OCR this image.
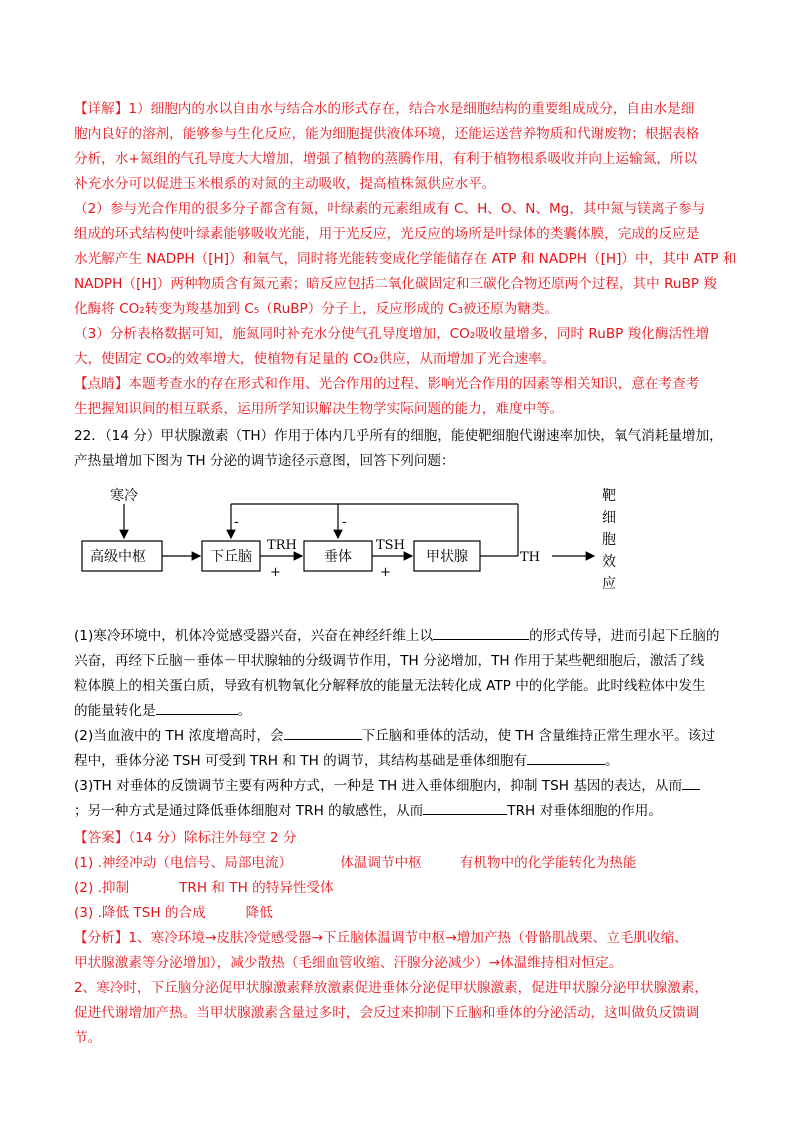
【详解】1）细胞内的水以自由水与结合水的形式存在，结合水是细胞结构的重要组成成分，自由水是细
胞内良好的溶剂，能够参与生化反应，能为细胞提供液体环境，还能运送营养物质和代谢废物；根据表格
分析，水+氮组的气孔导度大大增加，增强了植物的蒸腾作用，有利于植物根系吸收并向上运输氮，所以
补充水分可以促进玉米根系的对氮的主动吸收，提高植株氮供应水平。
（2）参与光合作用的很多分子都含有氮，叶绿素的元素组成有 C、H、O、N、Mg，其中氮与镁离子参与
组成的环式结构使叶绿素能够吸收光能，用于光反应，光反应的场所是叶绿体的类囊体膜，完成的反应是
水光解产生 NADPH（[H]）和氧气，同时将光能转变成化学能储存在 ATP 和 NADPH（[H]）中，其中 ATP 和
NADPH（[H]）两种物质含有氮元素；暗反应包括二氧化碳固定和三碳化合物还原两个过程，其中 RuBP 羧
化酶将 CO₂转变为羧基加到 C₅（RuBP）分子上，反应形成的 C₃被还原为糖类。
（3）分析表格数据可知，施氮同时补充水分使气孔导度增加，CO₂吸收量增多，同时 RuBP 羧化酶活性增
大，使固定 CO₂的效率增大，使植物有足量的 CO₂供应，从而增加了光合速率。
【点睛】本题考查水的存在形式和作用、光合作用的过程、影响光合作用的因素等相关知识，意在考查考
生把握知识间的相互联系，运用所学知识解决生物学实际问题的能力，难度中等。
22．（14 分）甲状腺激素（TH）作用于体内几乎所有的细胞，能使靶细胞代谢速率加快，氧气消耗量增加，
产热量增加下图为 TH 分泌的调节途径示意图，回答下列问题：
寒冷
高级中枢	下丘脑
TRH
+
垂体
TSH
+
甲状腺	TH
-	-
靶
细
胞
效
应
(1)寒冷环境中，机体冷觉感受器兴奋，兴奋在神经纤维上以	的形式传导，进而引起下丘脑的
兴奋，再经下丘脑－垂体－甲状腺轴的分级调节作用，TH 分泌增加，TH 作用于某些靶细胞后，激活了线
粒体膜上的相关蛋白质，导致有机物氧化分解释放的能量无法转化成 ATP 中的化学能。此时线粒体中发生
的能量转化是	。
(2)当血液中的 TH 浓度增高时，会	下丘脑和垂体的活动，使 TH 含量维持正常生理水平。该过
程中，垂体分泌 TSH 可受到 TRH 和 TH 的调节，其结构基础是垂体细胞有	。
(3)TH 对垂体的反馈调节主要有两种方式，一种是 TH 进入垂体细胞内，抑制 TSH 基因的表达，从而
；另一种方式是通过降低垂体细胞对 TRH 的敏感性，从而	TRH 对垂体细胞的作用。
【答案】（14 分）除标注外每空 2 分
(1) .神经冲动（电信号、局部电流）	体温调节中枢	有机物中的化学能转化为热能
(2) .抑制	TRH 和 TH 的特异性受体
(3) .降低 TSH 的合成	降低
【分析】1、寒冷环境→皮肤冷觉感受器→下丘脑体温调节中枢→增加产热（骨骼肌战栗、立毛肌收缩、
甲状腺激素等分泌增加），减少散热（毛细血管收缩、汗腺分泌减少）→体温维持相对恒定。
2、寒冷时，下丘脑分泌促甲状腺激素释放激素促进垂体分泌促甲状腺激素，促进甲状腺分泌甲状腺激素，
促进代谢增加产热。当甲状腺激素含量过多时，会反过来抑制下丘脑和垂体的分泌活动，这叫做负反馈调
节。
